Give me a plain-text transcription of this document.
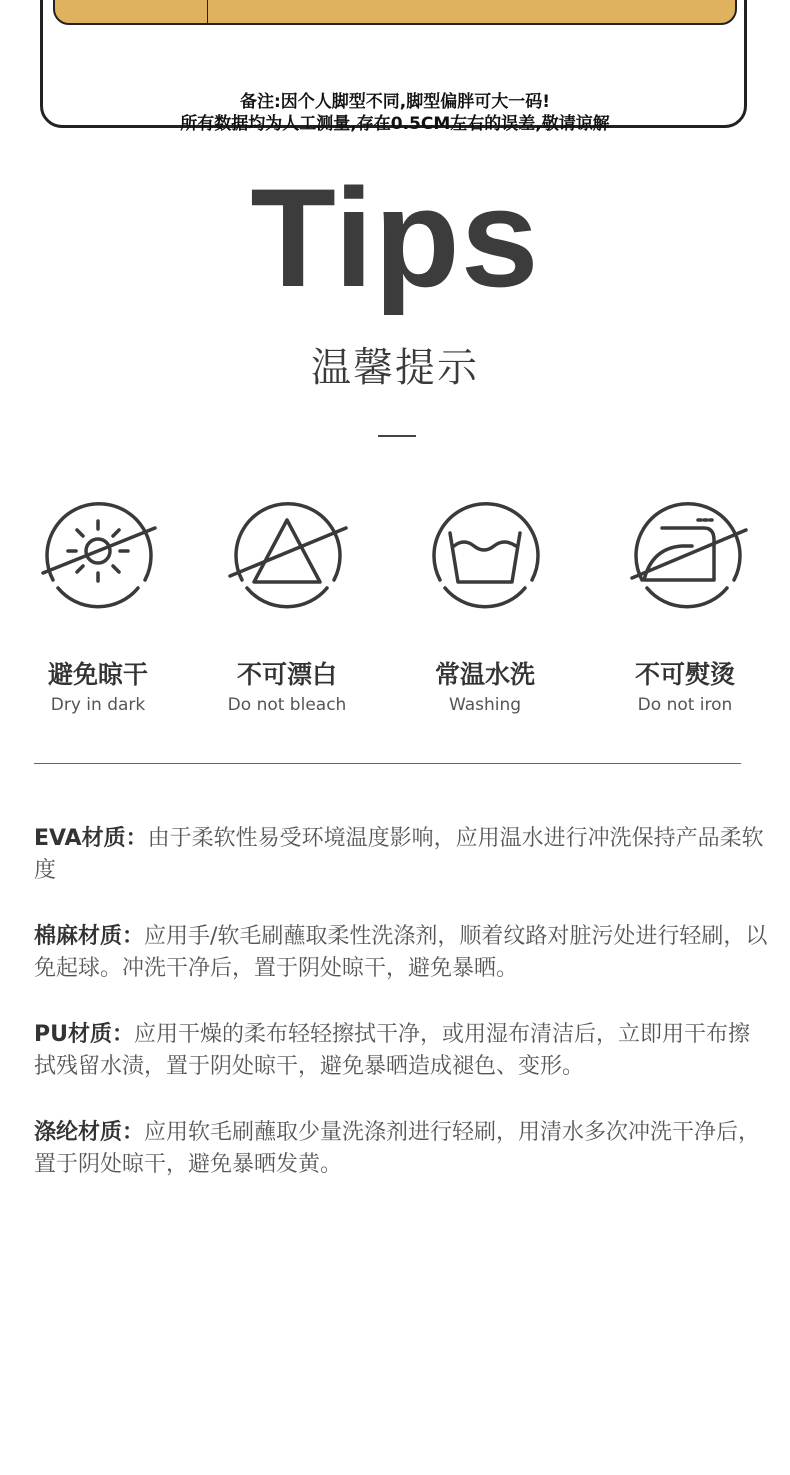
备注:因个人脚型不同,脚型偏胖可大一码!
所有数据均为人工测量,存在0.5CM左右的误差,敬请谅解
Tips
温馨提示
避免晾干
Dry in dark
不可漂白
Do not bleach
常温水洗
Washing
不可熨烫
Do not iron
EVA材质：由于柔软性易受环境温度影响，应用温水进行冲洗保持产品柔软度
棉麻材质：应用手/软毛刷蘸取柔性洗涤剂，顺着纹路对脏污处进行轻刷，以免起球。冲洗干净后，置于阴处晾干，避免暴晒。
PU材质：应用干燥的柔布轻轻擦拭干净，或用湿布清洁后，立即用干布擦拭残留水渍，置于阴处晾干，避免暴晒造成褪色、变形。
涤纶材质：应用软毛刷蘸取少量洗涤剂进行轻刷，用清水多次冲洗干净后，置于阴处晾干，避免暴晒发黄。
